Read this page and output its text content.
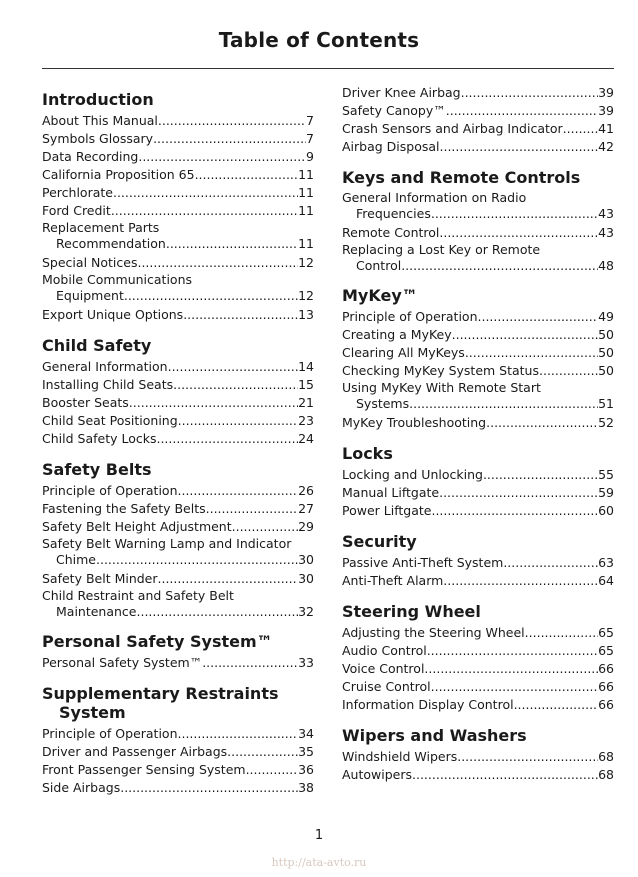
Table of Contents
Introduction
About This Manual .....	7
Symbols Glossary .....	7
Data Recording .....	9
California Proposition 65 .....	11
Perchlorate .....	11
Ford Credit .....	11
Replacement Parts
Recommendation .....	11
Special Notices .....	12
Mobile Communications
Equipment .....	12
Export Unique Options .....	13
Child Safety
General Information .....	14
Installing Child Seats .....	15
Booster Seats .....	21
Child Seat Positioning .....	23
Child Safety Locks .....	24
Safety Belts
Principle of Operation .....	26
Fastening the Safety Belts .....	27
Safety Belt Height Adjustment .....	29
Safety Belt Warning Lamp and Indicator
Chime .....	30
Safety Belt Minder .....	30
Child Restraint and Safety Belt
Maintenance .....	32
Personal Safety System™
Personal Safety System™ .....	33
Supplementary Restraints
System
Principle of Operation .....	34
Driver and Passenger Airbags .....	35
Front Passenger Sensing System .....	36
Side Airbags .....	38
Driver Knee Airbag .....	39
Safety Canopy™ .....	39
Crash Sensors and Airbag Indicator .....	41
Airbag Disposal .....	42
Keys and Remote Controls
General Information on Radio
Frequencies .....	43
Remote Control .....	43
Replacing a Lost Key or Remote
Control .....	48
MyKey™
Principle of Operation .....	49
Creating a MyKey .....	50
Clearing All MyKeys .....	50
Checking MyKey System Status .....	50
Using MyKey With Remote Start
Systems .....	51
MyKey Troubleshooting .....	52
Locks
Locking and Unlocking .....	55
Manual Liftgate .....	59
Power Liftgate .....	60
Security
Passive Anti-Theft System .....	63
Anti-Theft Alarm .....	64
Steering Wheel
Adjusting the Steering Wheel .....	65
Audio Control .....	65
Voice Control .....	66
Cruise Control .....	66
Information Display Control .....	66
Wipers and Washers
Windshield Wipers .....	68
Autowipers .....	68
1
http://ata-avto.ru
